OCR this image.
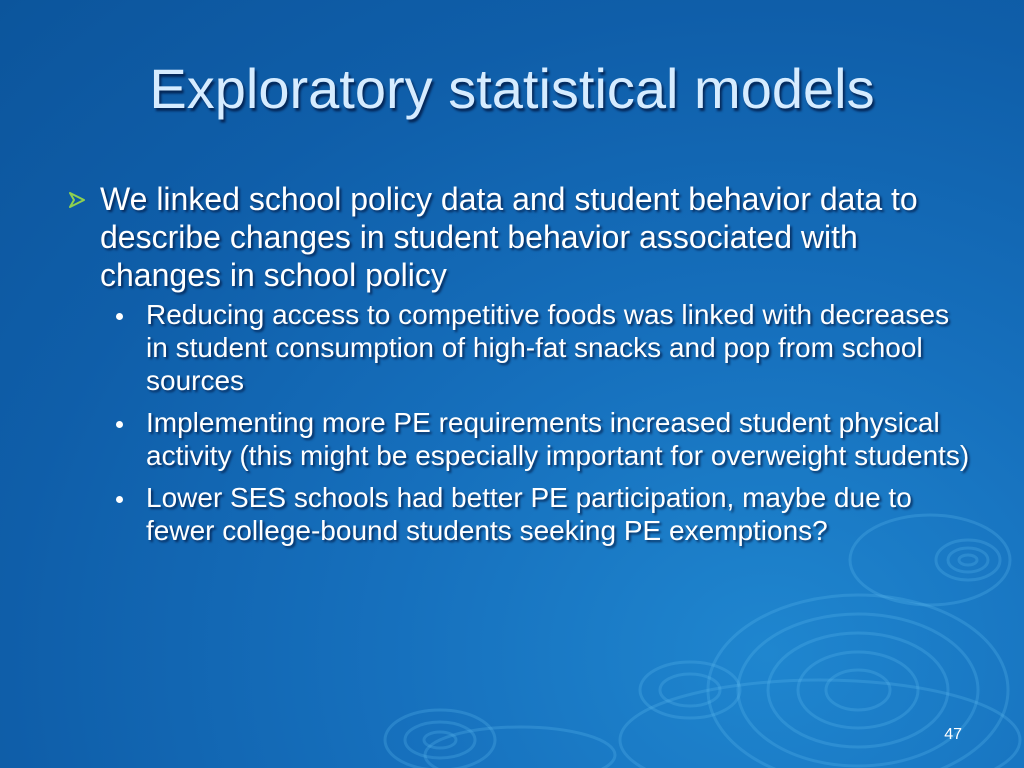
Exploratory statistical models
We linked school policy data and student behavior data to describe changes in student behavior associated with changes in school policy
Reducing access to competitive foods was linked with decreases in student consumption of high-fat snacks and pop from school sources
Implementing more PE requirements increased student physical activity (this might be especially important for overweight students)
Lower SES schools had better PE participation, maybe due to fewer college-bound students seeking PE exemptions?
47
